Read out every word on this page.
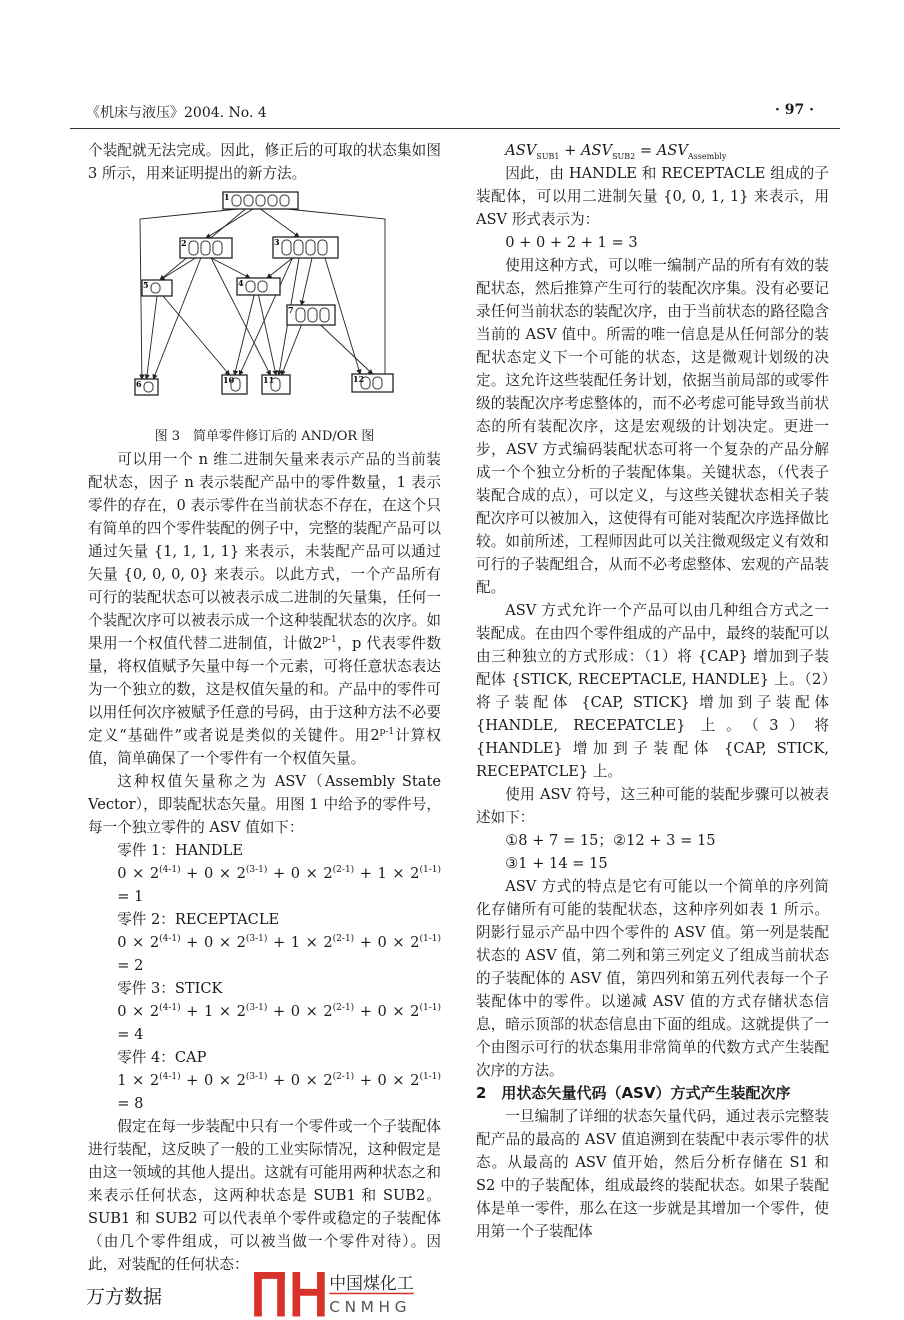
《机床与液压》2004. No. 4	· 97 ·

个装配就无法完成。因此，修正后的可取的状态集如图 3 所示，用来证明提出的新方法。

1
2	3
4
5
6
7
10	11	12

图 3　简单零件修订后的 AND/OR 图

可以用一个 n 维二进制矢量来表示产品的当前装配状态，因子 n 表示装配产品中的零件数量，1 表示零件的存在，0 表示零件在当前状态不存在，在这个只有简单的四个零件装配的例子中，完整的装配产品可以通过矢量 {1, 1, 1, 1} 来表示，未装配产品可以通过矢量 {0, 0, 0, 0} 来表示。以此方式，一个产品所有可行的装配状态可以被表示成二进制的矢量集，任何一个装配次序可以被表示成一个这种装配状态的次序。如果用一个权值代替二进制值，计做2$^{p-1}$，p 代表零件数量，将权值赋予矢量中每一个元素，可将任意状态表达为一个独立的数，这是权值矢量的和。产品中的零件可以用任何次序被赋予任意的号码，由于这种方法不必要定义“基础件”或者说是类似的关键件。用2$^{p-1}$计算权值，简单确保了一个零件有一个权值矢量。

这种权值矢量称之为 ASV（Assembly State Vector），即装配状态矢量。用图 1 中给予的零件号，每一个独立零件的 ASV 值如下：

零件 1：HANDLE

$0 \times 2^{(4-1)} + 0 \times 2^{(3-1)} + 0 \times 2^{(2-1)} + 1 \times 2^{(1-1)} = 1$

零件 2：RECEPTACLE

$0 \times 2^{(4-1)} + 0 \times 2^{(3-1)} + 1 \times 2^{(2-1)} + 0 \times 2^{(1-1)} = 2$

零件 3：STICK

$0 \times 2^{(4-1)} + 1 \times 2^{(3-1)} + 0 \times 2^{(2-1)} + 0 \times 2^{(1-1)} = 4$

零件 4：CAP

$1 \times 2^{(4-1)} + 0 \times 2^{(3-1)} + 0 \times 2^{(2-1)} + 0 \times 2^{(1-1)} = 8$

假定在每一步装配中只有一个零件或一个子装配体进行装配，这反映了一般的工业实际情况，这种假定是由这一领域的其他人提出。这就有可能用两种状态之和来表示任何状态，这两种状态是 SUB1 和 SUB2。SUB1 和 SUB2 可以代表单个零件或稳定的子装配体（由几个零件组成，可以被当做一个零件对待）。因此，对装配的任何状态：

$ASV_{SUB1} + ASV_{SUB2} = ASV_{Assembly}$

因此，由 HANDLE 和 RECEPTACLE 组成的子装配体，可以用二进制矢量 {0, 0, 1, 1} 来表示，用 ASV 形式表示为：

0 + 0 + 2 + 1 = 3

使用这种方式，可以唯一编制产品的所有有效的装配状态，然后推算产生可行的装配次序集。没有必要记录任何当前状态的装配次序，由于当前状态的路径隐含当前的 ASV 值中。所需的唯一信息是从任何部分的装配状态定义下一个可能的状态，这是微观计划级的决定。这允许这些装配任务计划，依据当前局部的或零件级的装配次序考虑整体的，而不必考虑可能导致当前状态的所有装配次序，这是宏观级的计划决定。更进一步，ASV 方式编码装配状态可将一个复杂的产品分解成一个个独立分析的子装配体集。关键状态，（代表子装配合成的点），可以定义，与这些关键状态相关子装配次序可以被加入，这使得有可能对装配次序选择做比较。如前所述，工程师因此可以关注微观级定义有效和可行的子装配组合，从而不必考虑整体、宏观的产品装配。

ASV 方式允许一个产品可以由几种组合方式之一装配成。在由四个零件组成的产品中，最终的装配可以由三种独立的方式形成：（1）将 {CAP} 增加到子装配体 {STICK, RECEPTACLE, HANDLE} 上。（2）将子装配体 {CAP, STICK} 增加到子装配体 {HANDLE, RECEPATCLE} 上。（3）将 {HANDLE} 增加到子装配体 {CAP, STICK, RECEPATCLE} 上。

使用 ASV 符号，这三种可能的装配步骤可以被表述如下：

①8 + 7 = 15；②12 + 3 = 15

③1 + 14 = 15

ASV 方式的特点是它有可能以一个简单的序列简化存储所有可能的装配状态，这种序列如表 1 所示。阴影行显示产品中四个零件的 ASV 值。第一列是装配状态的 ASV 值，第二列和第三列定义了组成当前状态的子装配体的 ASV 值，第四列和第五列代表每一个子装配体中的零件。以递减 ASV 值的方式存储状态信息，暗示顶部的状态信息由下面的组成。这就提供了一个由图示可行的状态集用非常简单的代数方式产生装配次序的方法。

2　用状态矢量代码（ASV）方式产生装配次序

一旦编制了详细的状态矢量代码，通过表示完整装配产品的最高的 ASV 值追溯到在装配中表示零件的状态。从最高的 ASV 值开始，然后分析存储在 S1 和 S2 中的子装配体，组成最终的装配状态。如果子装配体是单一零件，那么在这一步就是其增加一个零件，使用第一个子装配体

中国煤化工
CNMHG
万方数据
